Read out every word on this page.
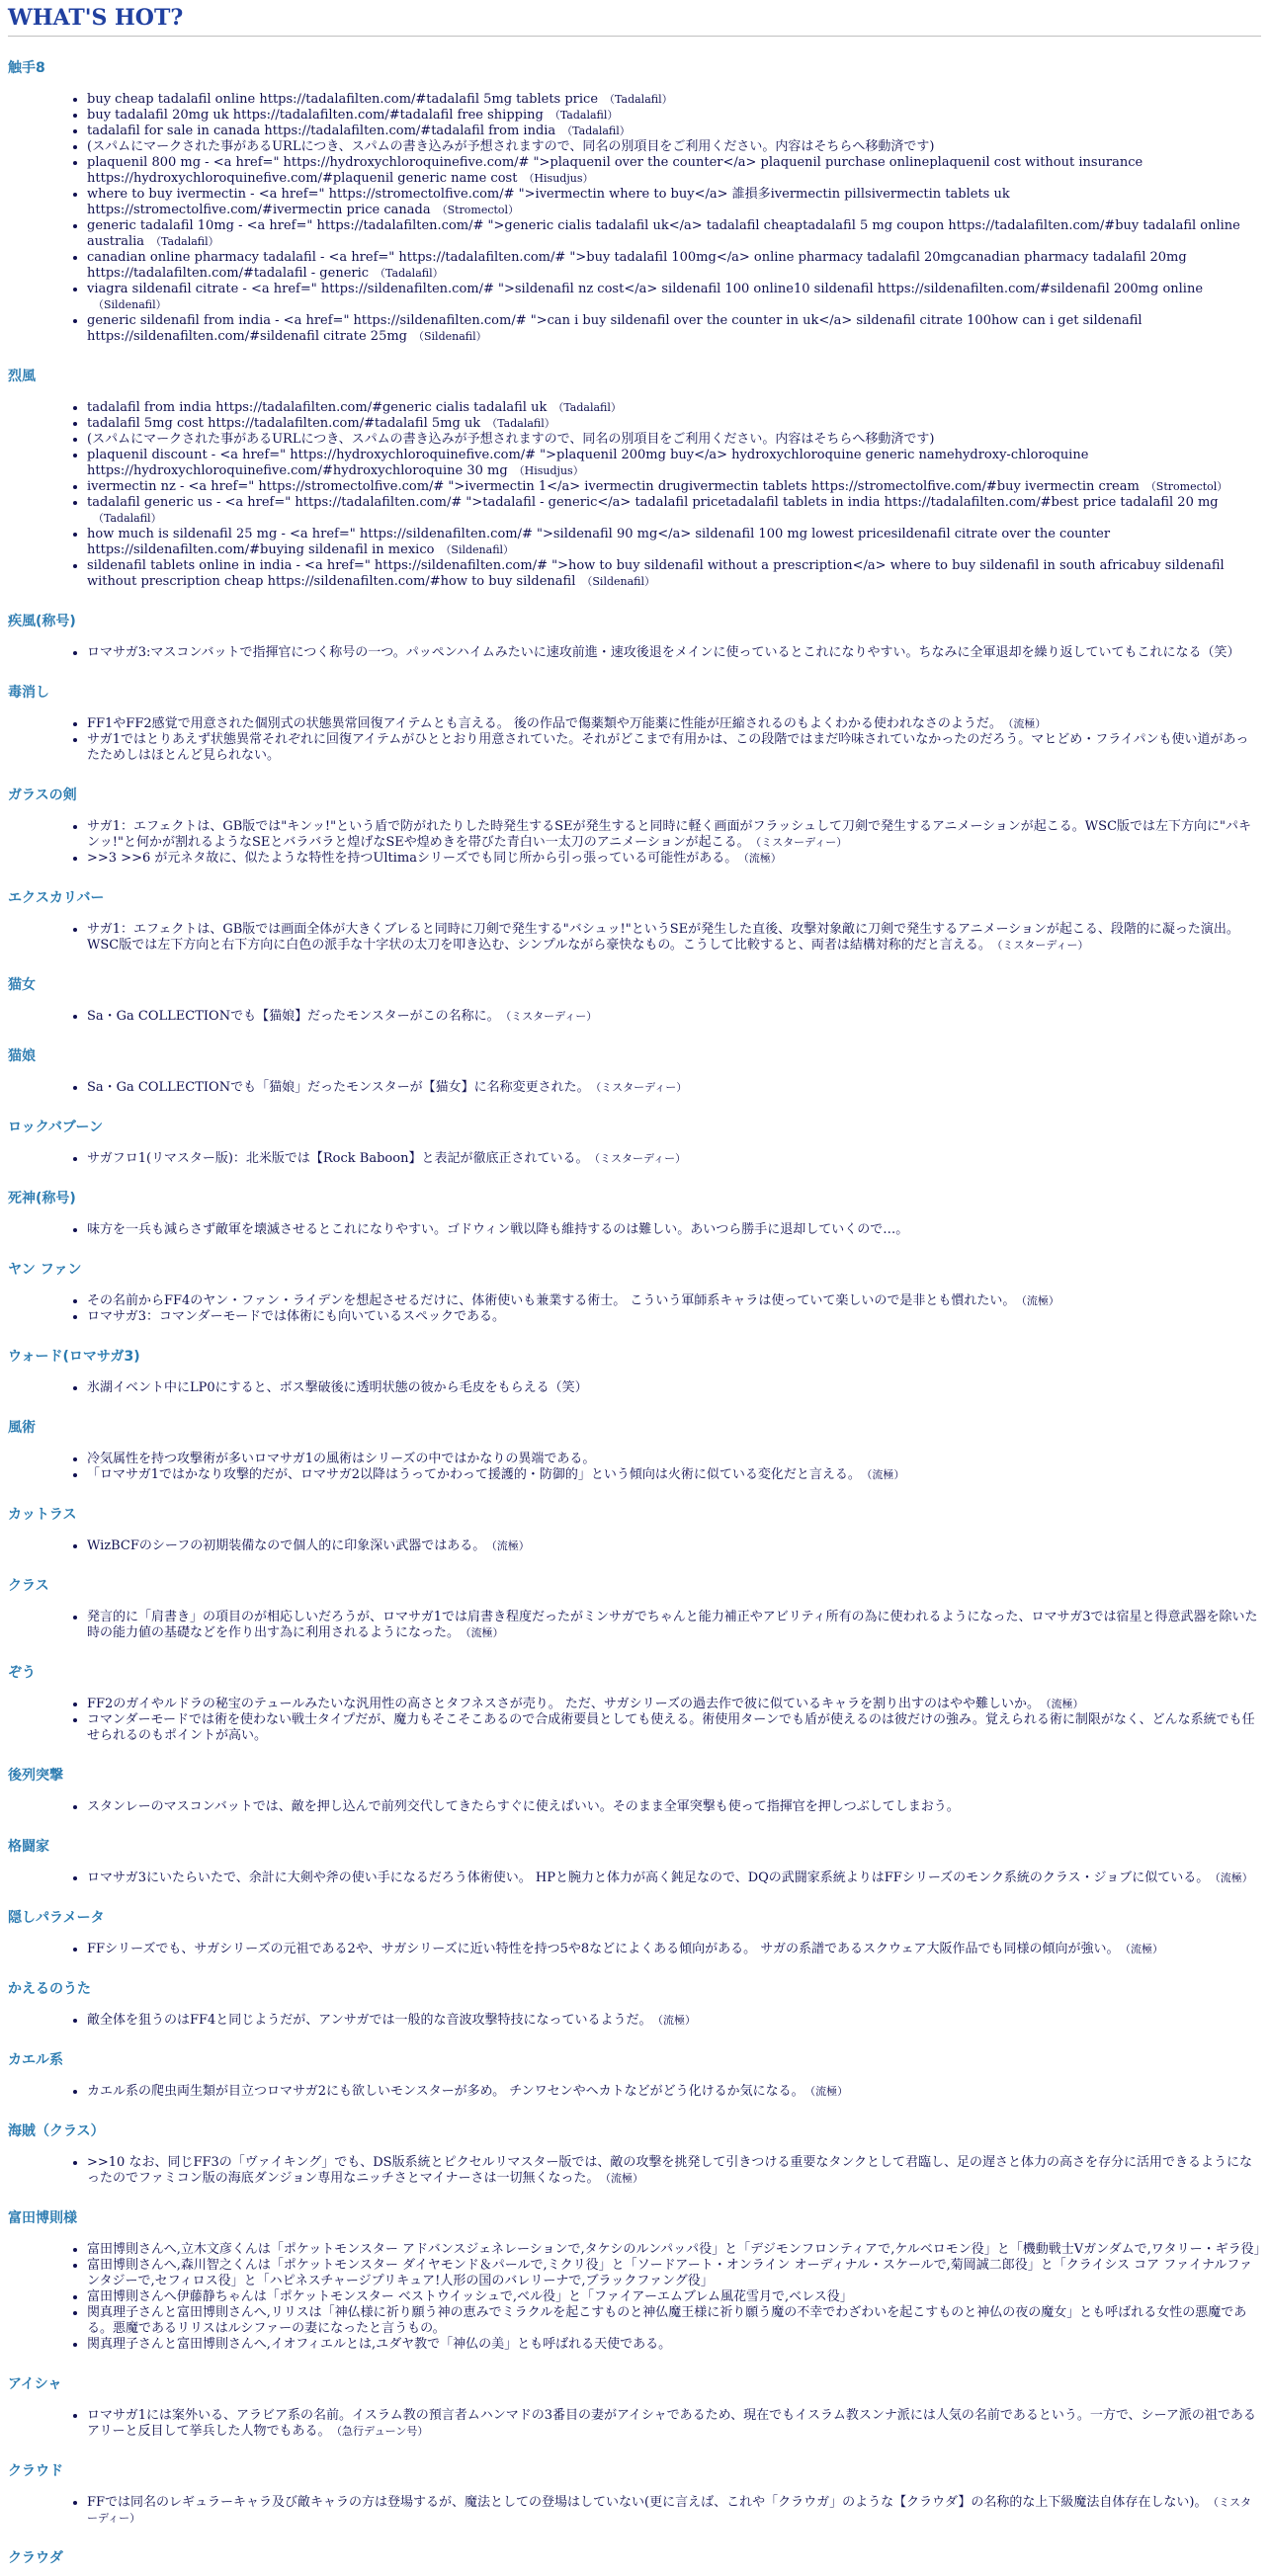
WHAT'S HOT?
触手8
• buy cheap tadalafil online https://tadalafilten.com/#tadalafil 5mg tablets price （Tadalafil）
• buy tadalafil 20mg uk https://tadalafilten.com/#tadalafil free shipping （Tadalafil）
• tadalafil for sale in canada https://tadalafilten.com/#tadalafil from india （Tadalafil）
• (スパムにマークされた事があるURLにつき、スパムの書き込みが予想されますので、同名の別項目をご利用ください。内容はそちらへ移動済です)
• plaquenil 800 mg - <a href=" https://hydroxychloroquinefive.com/# ">plaquenil over the counter</a> plaquenil purchase onlineplaquenil cost without insurance https://hydroxychloroquinefive.com/#plaquenil generic name cost （Hisudjus）
• where to buy ivermectin - <a href=" https://stromectolfive.com/# ">ivermectin where to buy</a> 誰損多ivermectin pillsivermectin tablets uk https://stromectolfive.com/#ivermectin price canada （Stromectol）
• generic tadalafil 10mg - <a href=" https://tadalafilten.com/# ">generic cialis tadalafil uk</a> tadalafil cheaptadalafil 5 mg coupon https://tadalafilten.com/#buy tadalafil online australia （Tadalafil）
• canadian online pharmacy tadalafil - <a href=" https://tadalafilten.com/# ">buy tadalafil 100mg</a> online pharmacy tadalafil 20mgcanadian pharmacy tadalafil 20mg https://tadalafilten.com/#tadalafil - generic （Tadalafil）
• viagra sildenafil citrate - <a href=" https://sildenafilten.com/# ">sildenafil nz cost</a> sildenafil 100 online10 sildenafil https://sildenafilten.com/#sildenafil 200mg online（Sildenafil）
• generic sildenafil from india - <a href=" https://sildenafilten.com/# ">can i buy sildenafil over the counter in uk</a> sildenafil citrate 100how can i get sildenafil https://sildenafilten.com/#sildenafil citrate 25mg （Sildenafil）
烈風
• tadalafil from india https://tadalafilten.com/#generic cialis tadalafil uk （Tadalafil）
• tadalafil 5mg cost https://tadalafilten.com/#tadalafil 5mg uk （Tadalafil）
• (スパムにマークされた事があるURLにつき、スパムの書き込みが予想されますので、同名の別項目をご利用ください。内容はそちらへ移動済です)
• plaquenil discount - <a href=" https://hydroxychloroquinefive.com/# ">plaquenil 200mg buy</a> hydroxychloroquine generic namehydroxy-chloroquine https://hydroxychloroquinefive.com/#hydroxychloroquine 30 mg （Hisudjus）
• ivermectin nz - <a href=" https://stromectolfive.com/# ">ivermectin 1</a> ivermectin drugivermectin tablets https://stromectolfive.com/#buy ivermectin cream （Stromectol）
• tadalafil generic us - <a href=" https://tadalafilten.com/# ">tadalafil - generic</a> tadalafil pricetadalafil tablets in india https://tadalafilten.com/#best price tadalafil 20 mg（Tadalafil）
• how much is sildenafil 25 mg - <a href=" https://sildenafilten.com/# ">sildenafil 90 mg</a> sildenafil 100 mg lowest pricesildenafil citrate over the counter https://sildenafilten.com/#buying sildenafil in mexico （Sildenafil）
• sildenafil tablets online in india - <a href=" https://sildenafilten.com/# ">how to buy sildenafil without a prescription</a> where to buy sildenafil in south africabuy sildenafil without prescription cheap https://sildenafilten.com/#how to buy sildenafil （Sildenafil）
疾風(称号)
• ロマサガ3:マスコンバットで指揮官につく称号の一つ。パッペンハイムみたいに速攻前進・速攻後退をメインに使っているとこれになりやすい。ちなみに全軍退却を繰り返していてもこれになる（笑）
毒消し
• FF1やFF2感覚で用意された個別式の状態異常回復アイテムとも言える。 後の作品で傷薬類や万能薬に性能が圧縮されるのもよくわかる使われなさのようだ。 （流極）
• サガ1ではとりあえず状態異常それぞれに回復アイテムがひととおり用意されていた。それがどこまで有用かは、この段階ではまだ吟味されていなかったのだろう。マヒどめ・フライパンも使い道があったためしはほとんど見られない。
ガラスの剣
• サガ1：エフェクトは、GB版では"キンッ!"という盾で防がれたりした時発生するSEが発生すると同時に軽く画面がフラッシュして刀剣で発生するアニメーションが起こる。WSC版では左下方向に"パキンッ!"と何かが割れるようなSEとバラバラと煌げなSEや煌めきを帯びた青白い一太刀のアニメーションが起こる。 （ミスターディー）
• >>3 >>6 が元ネタ故に、似たような特性を持つUltimaシリーズでも同じ所から引っ張っている可能性がある。 （流極）
エクスカリバー
• サガ1：エフェクトは、GB版では画面全体が大きくブレると同時に刀剣で発生する"バシュッ!"というSEが発生した直後、攻撃対象敵に刀剣で発生するアニメーションが起こる、段階的に凝った演出。WSC版では左下方向と右下方向に白色の派手な十字状の太刀を叩き込む、シンプルながら豪快なもの。こうして比較すると、両者は結構対称的だと言える。 （ミスターディー）
猫女
• Sa・Ga COLLECTIONでも【猫娘】だったモンスターがこの名称に。 （ミスターディー）
猫娘
• Sa・Ga COLLECTIONでも「猫娘」だったモンスターが【猫女】に名称変更された。 （ミスターディー）
ロックバブーン
• サガフロ1(リマスター版)：北米版では【Rock Baboon】と表記が徹底正されている。 （ミスターディー）
死神(称号)
• 味方を一兵も減らさず敵軍を壊滅させるとこれになりやすい。ゴドウィン戦以降も維持するのは難しい。あいつら勝手に退却していくので…。
ヤン ファン
• その名前からFF4のヤン・ファン・ライデンを想起させるだけに、体術使いも兼業する術士。 こういう軍師系キャラは使っていて楽しいので是非とも慣れたい。 （流極）
• ロマサガ3：コマンダーモードでは体術にも向いているスペックである。
ウォード(ロマサガ3)
• 氷湖イベント中にLP0にすると、ボス撃破後に透明状態の彼から毛皮をもらえる（笑）
風術
• 冷気属性を持つ攻撃術が多いロマサガ1の風術はシリーズの中ではかなりの異端である。
• 「ロマサガ1ではかなり攻撃的だが、ロマサガ2以降はうってかわって援護的・防御的」という傾向は火術に似ている変化だと言える。 （流極）
カットラス
• WizBCFのシーフの初期装備なので個人的に印象深い武器ではある。 （流極）
クラス
• 発言的に「肩書き」の項目のが相応しいだろうが、ロマサガ1では肩書き程度だったがミンサガでちゃんと能力補正やアビリティ所有の為に使われるようになった、ロマサガ3では宿星と得意武器を除いた時の能力値の基礎などを作り出す為に利用されるようになった。 （流極）
ぞう
• FF2のガイやルドラの秘宝のテュールみたいな汎用性の高さとタフネスさが売り。 ただ、サガシリーズの過去作で彼に似ているキャラを割り出すのはやや難しいか。 （流極）
• コマンダーモードでは術を使わない戦士タイプだが、魔力もそこそこあるので合成術要員としても使える。術使用ターンでも盾が使えるのは彼だけの強み。覚えられる術に制限がなく、どんな系統でも任せられるのもポイントが高い。
後列突撃
• スタンレーのマスコンバットでは、敵を押し込んで前列交代してきたらすぐに使えばいい。そのまま全軍突撃も使って指揮官を押しつぶしてしまおう。
格闘家
• ロマサガ3にいたらいたで、余計に大剣や斧の使い手になるだろう体術使い。 HPと腕力と体力が高く鈍足なので、DQの武闘家系統よりはFFシリーズのモンク系統のクラス・ジョブに似ている。 （流極）
隠しパラメータ
• FFシリーズでも、サガシリーズの元祖である2や、サガシリーズに近い特性を持つ5や8などによくある傾向がある。 サガの系譜であるスクウェア大阪作品でも同様の傾向が強い。 （流極）
かえるのうた
• 敵全体を狙うのはFF4と同じようだが、アンサガでは一般的な音波攻撃特技になっているようだ。 （流極）
カエル系
• カエル系の爬虫両生類が目立つロマサガ2にも欲しいモンスターが多め。 チンワセンやヘカトなどがどう化けるか気になる。 （流極）
海賊（クラス）
• >>10 なお、同じFF3の「ヴァイキング」でも、DS版系統とピクセルリマスター版では、敵の攻撃を挑発して引きつける重要なタンクとして君臨し、足の遅さと体力の高さを存分に活用できるようになったのでファミコン版の海底ダンジョン専用なニッチさとマイナーさは一切無くなった。 （流極）
富田博則様
• 富田博則さんへ,立木文彦くんは「ポケットモンスター アドバンスジェネレーションで,タケシのルンパッパ役」と「デジモンフロンティアで,ケルベロモン役」と「機動戦士Vガンダムで,ワタリー・ギラ役」
• 富田博則さんへ,森川智之くんは「ポケットモンスター ダイヤモンド＆パールで,ミクリ役」と「ソードアート・オンライン オーディナル・スケールで,菊岡誠二郎役」と「クライシス コア ファイナルファンタジーで,セフィロス役」と「ハピネスチャージプリキュア!人形の国のバレリーナで,ブラックファング役」
• 富田博則さんへ伊藤静ちゃんは「ポケットモンスター ベストウイッシュで,ベル役」と「ファイアーエムブレム風花雪月で,ベレス役」
• 関真理子さんと富田博則さんへ,リリスは「神仏様に祈り願う神の恵みでミラクルを起こすものと神仏魔王様に祈り願う魔の不幸でわざわいを起こすものと神仏の夜の魔女」とも呼ばれる女性の悪魔である。悪魔であるリリスはルシファーの妻になったと言うもの。
• 関真理子さんと富田博則さんへ,イオフィエルとは,ユダヤ教で「神仏の美」とも呼ばれる天使である。
アイシャ
• ロマサガ1には案外いる、アラビア系の名前。イスラム教の預言者ムハンマドの3番目の妻がアイシャであるため、現在でもイスラム教スンナ派には人気の名前であるという。一方で、シーア派の祖であるアリーと反目して挙兵した人物でもある。 （急行デューン号）
クラウド
• FFでは同名のレギュラーキャラ及び敵キャラの方は登場するが、魔法としての登場はしていない(更に言えば、これや「クラウガ」のような【クラウダ】の名称的な上下級魔法自体存在しない)。 （ミスターディー）
クラウダ
